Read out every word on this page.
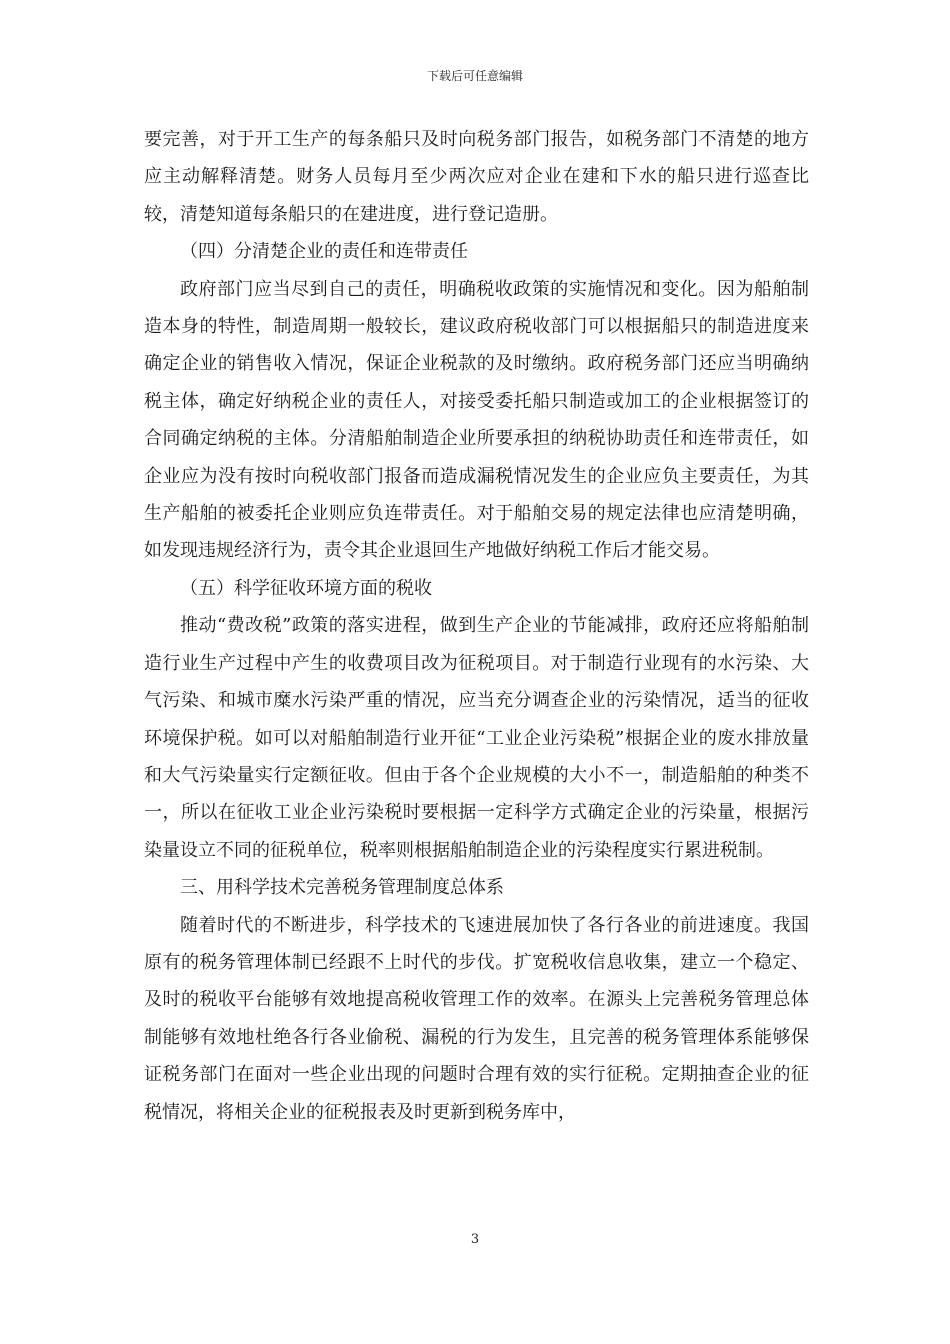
下载后可任意编辑

要完善，对于开工生产的每条船只及时向税务部门报告，如税务部门不清楚的地方应主动解释清楚。财务人员每月至少两次应对企业在建和下水的船只进行巡查比较，清楚知道每条船只的在建进度，进行登记造册。

（四）分清楚企业的责任和连带责任

政府部门应当尽到自己的责任，明确税收政策的实施情况和变化。因为船舶制造本身的特性，制造周期一般较长，建议政府税收部门可以根据船只的制造进度来确定企业的销售收入情况，保证企业税款的及时缴纳。政府税务部门还应当明确纳税主体，确定好纳税企业的责任人，对接受委托船只制造或加工的企业根据签订的合同确定纳税的主体。分清船舶制造企业所要承担的纳税协助责任和连带责任，如企业应为没有按时向税收部门报备而造成漏税情况发生的企业应负主要责任，为其生产船舶的被委托企业则应负连带责任。对于船舶交易的规定法律也应清楚明确，如发现违规经济行为，责令其企业退回生产地做好纳税工作后才能交易。

（五）科学征收环境方面的税收

推动“费改税”政策的落实进程，做到生产企业的节能减排，政府还应将船舶制造行业生产过程中产生的收费项目改为征税项目。对于制造行业现有的水污染、大气污染、和城市糜水污染严重的情况，应当充分调查企业的污染情况，适当的征收环境保护税。如可以对船舶制造行业开征“工业企业污染税”根据企业的废水排放量和大气污染量实行定额征收。但由于各个企业规模的大小不一，制造船舶的种类不一，所以在征收工业企业污染税时要根据一定科学方式确定企业的污染量，根据污染量设立不同的征税单位，税率则根据船舶制造企业的污染程度实行累进税制。

三、用科学技术完善税务管理制度总体系

随着时代的不断进步，科学技术的飞速进展加快了各行各业的前进速度。我国原有的税务管理体制已经跟不上时代的步伐。扩宽税收信息收集，建立一个稳定、及时的税收平台能够有效地提高税收管理工作的效率。在源头上完善税务管理总体制能够有效地杜绝各行各业偷税、漏税的行为发生，且完善的税务管理体系能够保证税务部门在面对一些企业出现的问题时合理有效的实行征税。定期抽查企业的征税情况，将相关企业的征税报表及时更新到税务库中，

3
